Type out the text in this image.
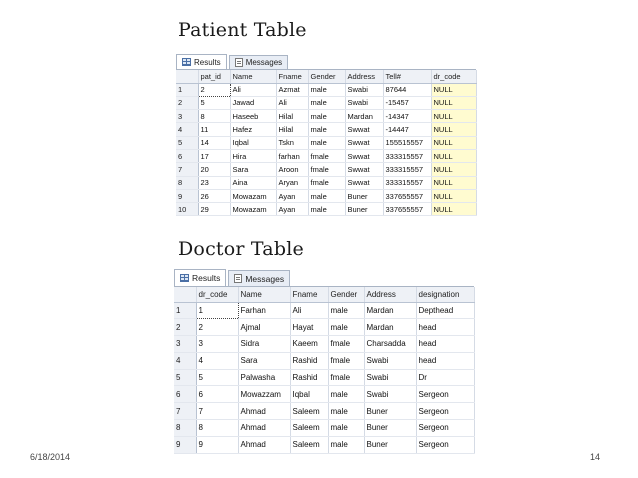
Patient Table
Results	Messages
	pat_id	Name	Fname	Gender	Address	Tell#	dr_code
1	2	Ali	Azmat	male	Swabi	87644	NULL
2	5	Jawad	Ali	male	Swabi	-15457	NULL
3	8	Haseeb	Hilal	male	Mardan	-14347	NULL
4	11	Hafez	Hilal	male	Swwat	-14447	NULL
5	14	Iqbal	Tskn	male	Swwat	155515557	NULL
6	17	Hira	farhan	fmale	Swwat	333315557	NULL
7	20	Sara	Aroon	fmale	Swwat	333315557	NULL
8	23	Aina	Aryan	fmale	Swwat	333315557	NULL
9	26	Mowazam	Ayan	male	Buner	337655557	NULL
10	29	Mowazam	Ayan	male	Buner	337655557	NULL
Doctor Table
Results	Messages
	dr_code	Name	Fname	Gender	Address	designation
1	1	Farhan	Ali	male	Mardan	Depthead
2	2	Ajmal	Hayat	male	Mardan	head
3	3	Sidra	Kaeem	fmale	Charsadda	head
4	4	Sara	Rashid	fmale	Swabi	head
5	5	Palwasha	Rashid	fmale	Swabi	Dr
6	6	Mowazzam	Iqbal	male	Swabi	Sergeon
7	7	Ahmad	Saleem	male	Buner	Sergeon
8	8	Ahmad	Saleem	male	Buner	Sergeon
9	9	Ahmad	Saleem	male	Buner	Sergeon
6/18/2014	14
